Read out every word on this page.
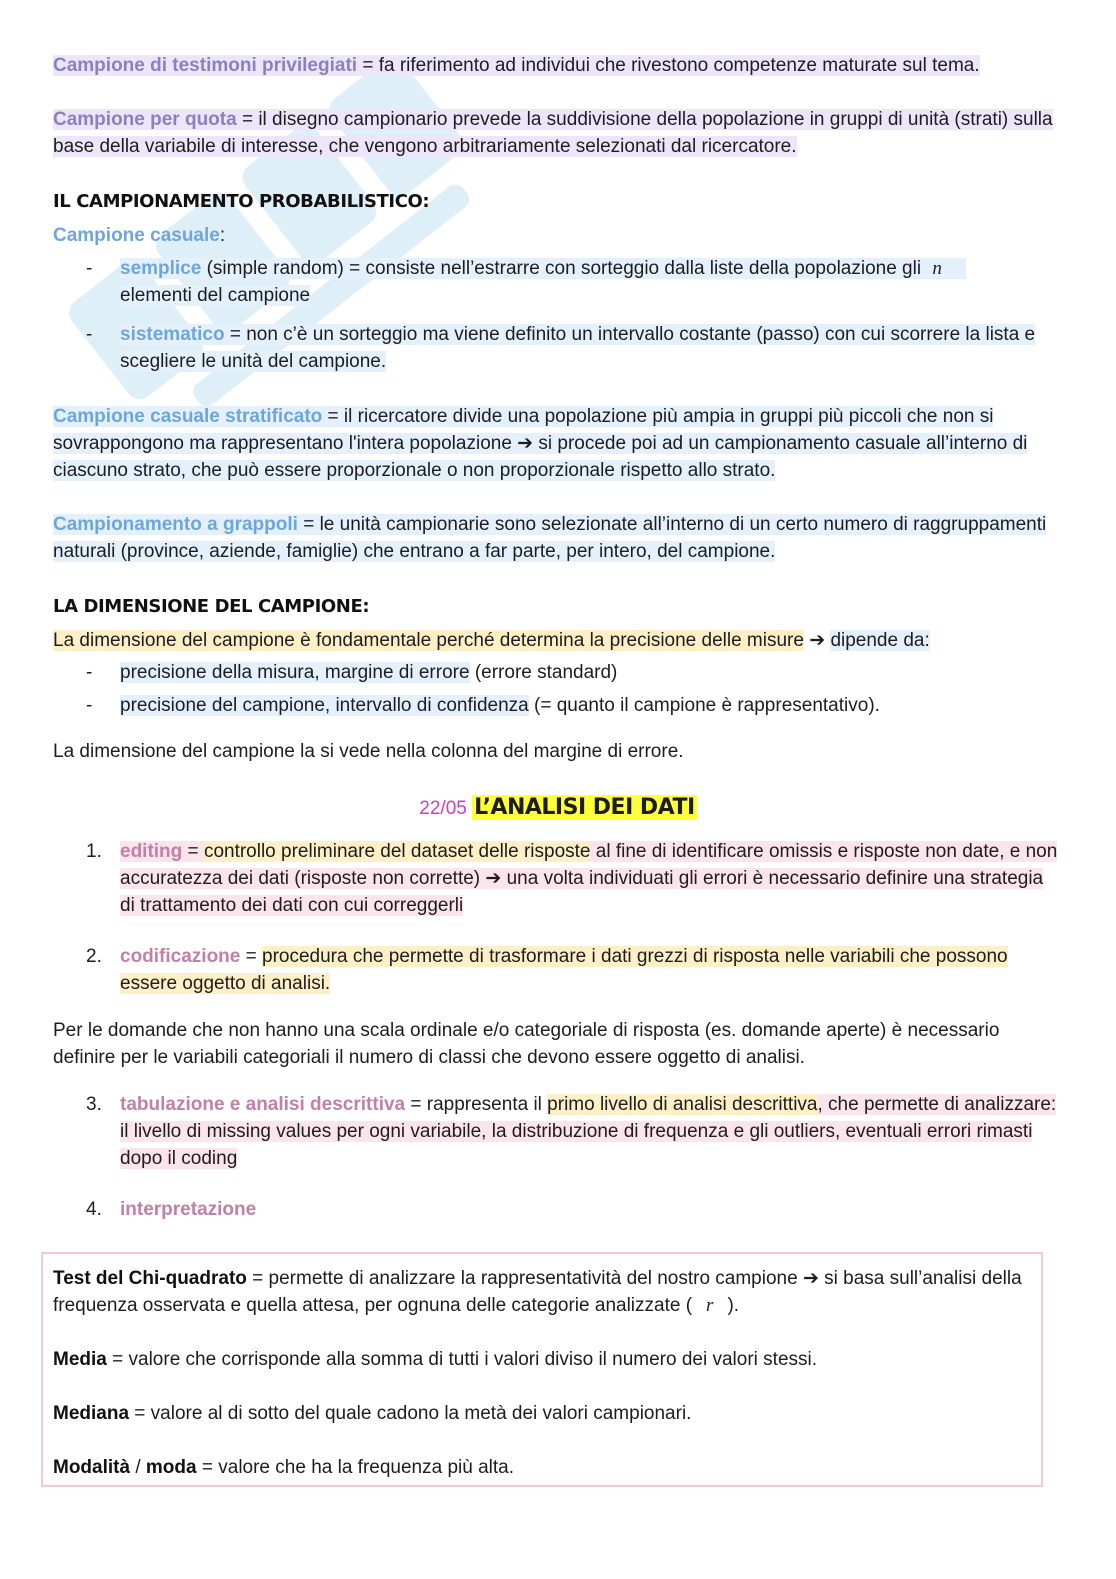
Campione di testimoni privilegiati = fa riferimento ad individui che rivestono competenze maturate sul tema.

Campione per quota = il disegno campionario prevede la suddivisione della popolazione in gruppi di unità (strati) sulla base della variabile di interesse, che vengono arbitrariamente selezionati dal ricercatore.

IL CAMPIONAMENTO PROBABILISTICO:

Campione casuale:

- semplice (simple random) = consiste nell’estrarre con sorteggio dalla liste della popolazione gli n
elementi del campione
- sistematico = non c’è un sorteggio ma viene definito un intervallo costante (passo) con cui scorrere la lista e scegliere le unità del campione.

Campione casuale stratificato = il ricercatore divide una popolazione più ampia in gruppi più piccoli che non si sovrappongono ma rappresentano l'intera popolazione ➔ si procede poi ad un campionamento casuale all’interno di ciascuno strato, che può essere proporzionale o non proporzionale rispetto allo strato.

Campionamento a grappoli = le unità campionarie sono selezionate all’interno di un certo numero di raggruppamenti naturali (province, aziende, famiglie) che entrano a far parte, per intero, del campione.

LA DIMENSIONE DEL CAMPIONE:

La dimensione del campione è fondamentale perché determina la precisione delle misure ➔ dipende da:

- precisione della misura, margine di errore (errore standard)
- precisione del campione, intervallo di confidenza (= quanto il campione è rappresentativo).

La dimensione del campione la si vede nella colonna del margine di errore.

22/05 L’ANALISI DEI DATI
1. editing = controllo preliminare del dataset delle risposte al fine di identificare omissis e risposte non date, e non accuratezza dei dati (risposte non corrette) ➔ una volta individuati gli errori è necessario definire una strategia di trattamento dei dati con cui correggerli
2. codificazione = procedura che permette di trasformare i dati grezzi di risposta nelle variabili che possono essere oggetto di analisi.

Per le domande che non hanno una scala ordinale e/o categoriale di risposta (es. domande aperte) è necessario definire per le variabili categoriali il numero di classi che devono essere oggetto di analisi.

3. tabulazione e analisi descrittiva = rappresenta il primo livello di analisi descrittiva, che permette di analizzare: il livello di missing values per ogni variabile, la distribuzione di frequenza e gli outliers, eventuali errori rimasti dopo il coding
4. interpretazione

Test del Chi-quadrato = permette di analizzare la rappresentatività del nostro campione ➔ si basa sull’analisi della frequenza osservata e quella attesa, per ognuna delle categorie analizzate ( r ).

Media = valore che corrisponde alla somma di tutti i valori diviso il numero dei valori stessi.

Mediana = valore al di sotto del quale cadono la metà dei valori campionari.

Modalità / moda = valore che ha la frequenza più alta.
